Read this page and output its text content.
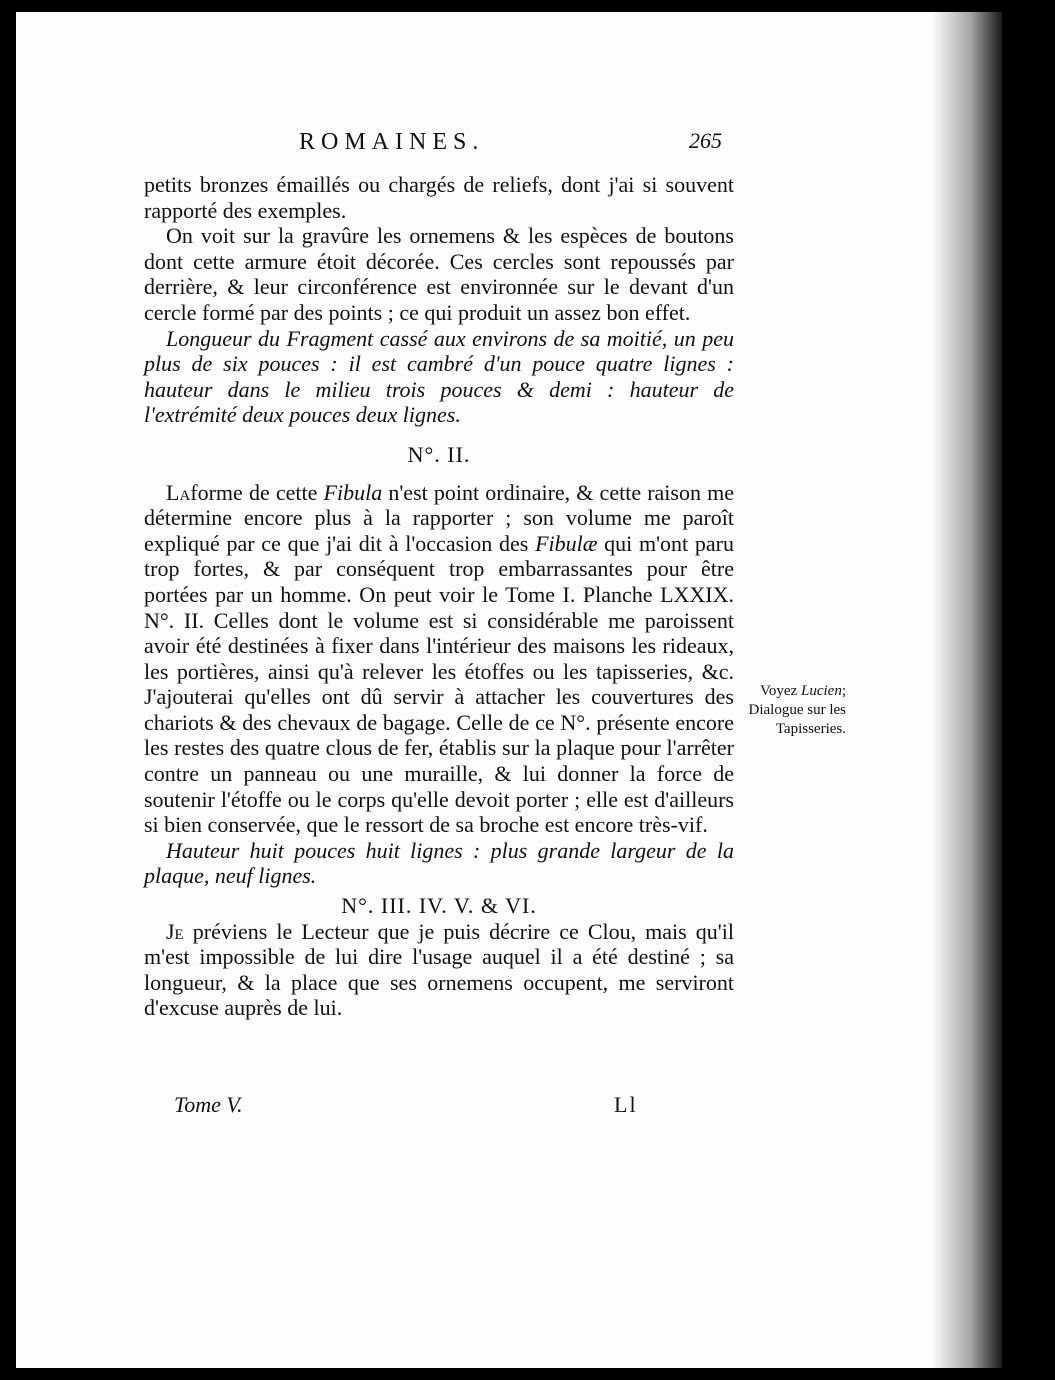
ROMAINES.	265

petits bronzes émaillés ou chargés de reliefs, dont j'ai si souvent rapporté des exemples.

On voit sur la gravûre les ornemens & les espèces de boutons dont cette armure étoit décorée. Ces cercles sont repoussés par derrière, & leur circonférence est environnée sur le devant d'un cercle formé par des points ; ce qui produit un assez bon effet.

Longueur du Fragment cassé aux environs de sa moitié, un peu plus de six pouces : il est cambré d'un pouce quatre lignes : hauteur dans le milieu trois pouces & demi : hauteur de l'extrémité deux pouces deux lignes.

N°. II.

Laforme de cette Fibula n'est point ordinaire, & cette raison me détermine encore plus à la rapporter ; son volume me paroît expliqué par ce que j'ai dit à l'occasion des Fibulæ qui m'ont paru trop fortes, & par conséquent trop embarrassantes pour être portées par un homme. On peut voir le Tome I. Planche LXXIX. N°. II. Celles dont le volume est si considérable me paroissent avoir été destinées à fixer dans l'intérieur des maisons les rideaux, les portières, ainsi qu'à relever les étoffes ou les tapisseries, &c. J'ajouterai qu'elles ont dû servir à attacher les couvertures des chariots & des chevaux de bagage. Celle de ce N°. présente encore les restes des quatre clous de fer, établis sur la plaque pour l'arrêter contre un panneau ou une muraille, & lui donner la force de soutenir l'étoffe ou le corps qu'elle devoit porter ; elle est d'ailleurs si bien conservée, que le ressort de sa broche est encore très-vif.

Hauteur huit pouces huit lignes : plus grande largeur de la plaque, neuf lignes.

N°. III. IV. V. & VI.

Je préviens le Lecteur que je puis décrire ce Clou, mais qu'il m'est impossible de lui dire l'usage auquel il a été destiné ; sa longueur, & la place que ses ornemens occupent, me serviront d'excuse auprès de lui.

Tome V.	Ll
Voyez Lucien; Dialogue sur les Tapisseries.
